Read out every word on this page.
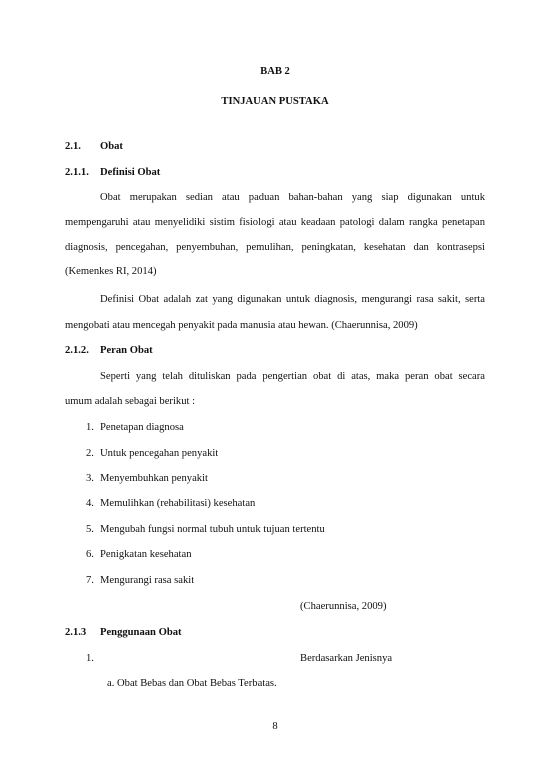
BAB 2
TINJAUAN PUSTAKA
2.1. Obat
2.1.1. Definisi Obat
Obat merupakan sedian atau paduan bahan-bahan yang siap digunakan untuk
mempengaruhi atau menyelidiki sistim fisiologi atau keadaan patologi dalam rangka penetapan
diagnosis, pencegahan, penyembuhan, pemulihan, peningkatan, kesehatan dan kontrasepsi
(Kemenkes RI, 2014)
Definisi Obat adalah zat yang digunakan untuk diagnosis, mengurangi rasa sakit, serta
mengobati atau mencegah penyakit pada manusia atau hewan. (Chaerunnisa, 2009)
2.1.2. Peran Obat
Seperti yang telah dituliskan pada pengertian obat di atas, maka peran obat secara
umum adalah sebagai berikut :
1. Penetapan diagnosa
2. Untuk pencegahan penyakit
3. Menyembuhkan penyakit
4. Memulihkan (rehabilitasi) kesehatan
5. Mengubah fungsi normal tubuh untuk tujuan tertentu
6. Penigkatan kesehatan
7. Mengurangi rasa sakit
(Chaerunnisa, 2009)
2.1.3 Penggunaan Obat
1.	Berdasarkan Jenisnya
a. Obat Bebas dan Obat Bebas Terbatas.
8
